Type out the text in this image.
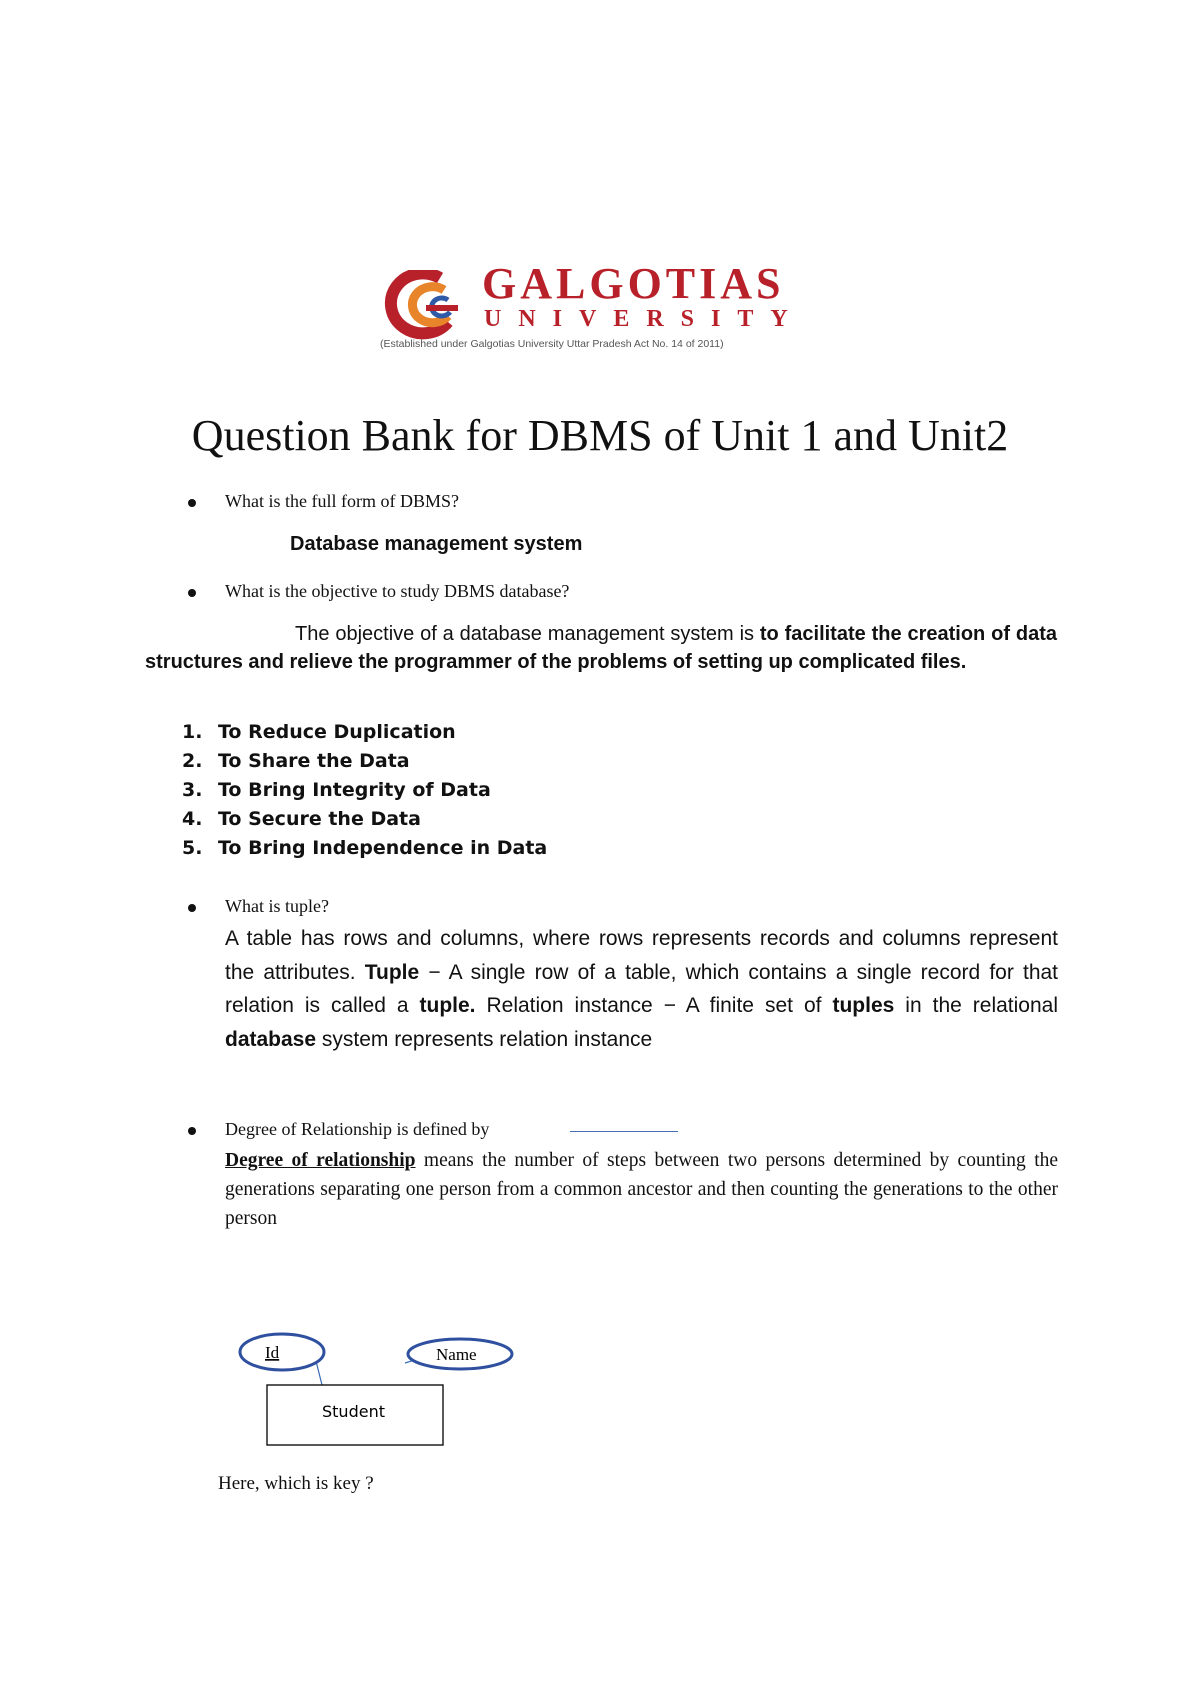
GALGOTIAS
UNIVERSITY
(Established under Galgotias University Uttar Pradesh Act No. 14 of 2011)
Question Bank for DBMS of Unit 1 and Unit2
What is the full form of DBMS?
Database management system
What is the objective to study DBMS database?
The objective of a database management system is to facilitate the creation of data structures and relieve the programmer of the problems of setting up complicated files.
1. To Reduce Duplication
2. To Share the Data
3. To Bring Integrity of Data
4. To Secure the Data
5. To Bring Independence in Data
What is tuple?
A table has rows and columns, where rows represents records and columns represent the attributes. Tuple − A single row of a table, which contains a single record for that relation is called a tuple. Relation instance − A finite set of tuples in the relational database system represents relation instance
Degree of Relationship is defined by
Degree of relationship means the number of steps between two persons determined by counting the generations separating one person from a common ancestor and then counting the generations to the other person
Id	Name
Student
Here, which is key ?
